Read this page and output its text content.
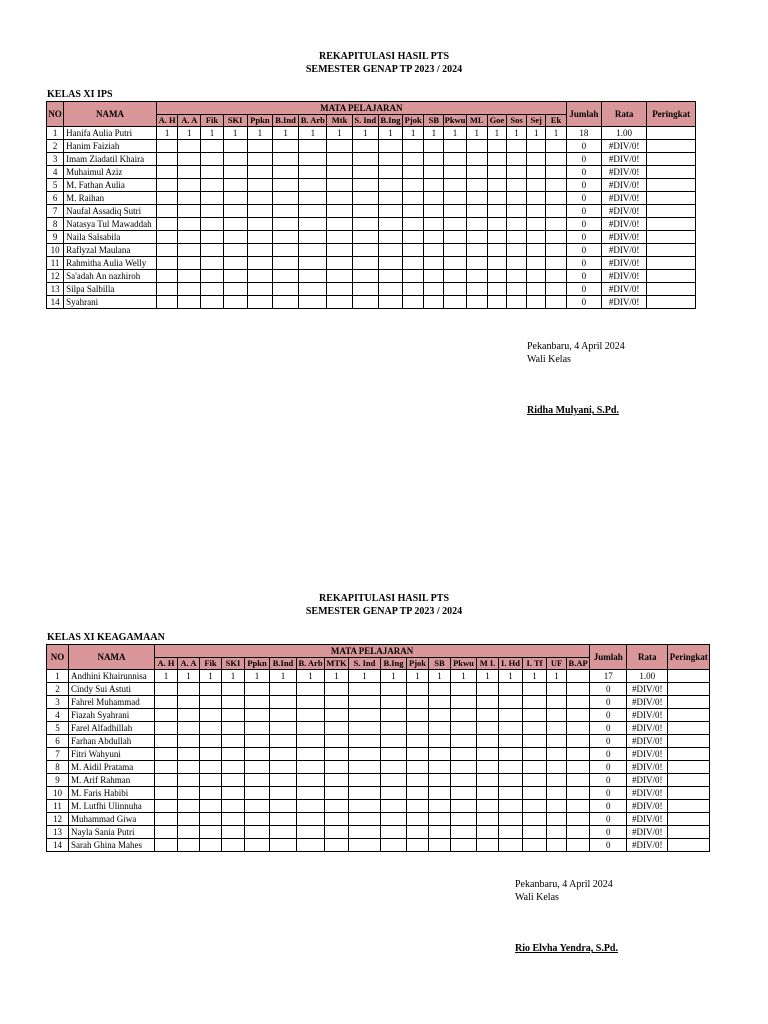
REKAPITULASI HASIL PTS
SEMESTER GENAP TP 2023 / 2024
KELAS XI IPS
NO	NAMA	MATA PELAJARAN																		Jumlah	Rata	Peringkat
		A. H	A. A	Fik	SKI	Ppkn	B.Ind	B. Arb	Mtk	S. Ind	B.Ing	Pjok	SB	Pkwu	ML	Goe	Sos	Sej	Ek			
1	Hanifa Aulia Putri	1	1	1	1	1	1	1	1	1	1	1	1	1	1	1	1	1	1	18	1.00	
2	Hanim Faiziah																			0	#DIV/0!	
3	Imam Ziadatil Khaira																			0	#DIV/0!	
4	Muhaimul Aziz																			0	#DIV/0!	
5	M. Fathan Aulia																			0	#DIV/0!	
6	M. Raihan																			0	#DIV/0!	
7	Naufal Assadiq Sutri																			0	#DIV/0!	
8	Natasya Tul Mawaddah																			0	#DIV/0!	
9	Naila Salsabila																			0	#DIV/0!	
10	Raflyzal Maulana																			0	#DIV/0!	
11	Rahmitha Aulia Welly																			0	#DIV/0!	
12	Sa'adah An nazhiroh																			0	#DIV/0!	
13	Silpa Salbilla																			0	#DIV/0!	
14	Syahrani																			0	#DIV/0!	
Pekanbaru, 4 April 2024
Wali Kelas
Ridha Mulyani, S.Pd.
REKAPITULASI HASIL PTS
SEMESTER GENAP TP 2023 / 2024
KELAS XI KEAGAMAAN
NO	NAMA	MATA PELAJARAN																		Jumlah	Rata	Peringkat
		A. H	A. A	Fik	SKI	Ppkn	B.Ind	B. Arb	MTK	S. Ind	B.Ing	Pjok	SB	Pkwu	M I.	I. Hd	I. Tf	UF	B.AP			
1	Andhini Khairunnisa	1	1	1	1	1	1	1	1	1	1	1	1	1	1	1	1	1		17	1.00	
2	Cindy Sui Astuti																			0	#DIV/0!	
3	Fahrel Muhammad																			0	#DIV/0!	
4	Fiazah Syahrani																			0	#DIV/0!	
5	Farel Alfadhillah																			0	#DIV/0!	
6	Farhan Abdullah																			0	#DIV/0!	
7	Fitri Wahyuni																			0	#DIV/0!	
8	M. Aidil Pratama																			0	#DIV/0!	
9	M. Arif Rahman																			0	#DIV/0!	
10	M. Faris Habibi																			0	#DIV/0!	
11	M. Lutfhi Ulinnuha																			0	#DIV/0!	
12	Muhammad Giwa																			0	#DIV/0!	
13	Nayla Sania Putri																			0	#DIV/0!	
14	Sarah Ghina Mahes																			0	#DIV/0!	
Pekanbaru, 4 April 2024
Wali Kelas
Rio Elvha Yendra, S.Pd.
